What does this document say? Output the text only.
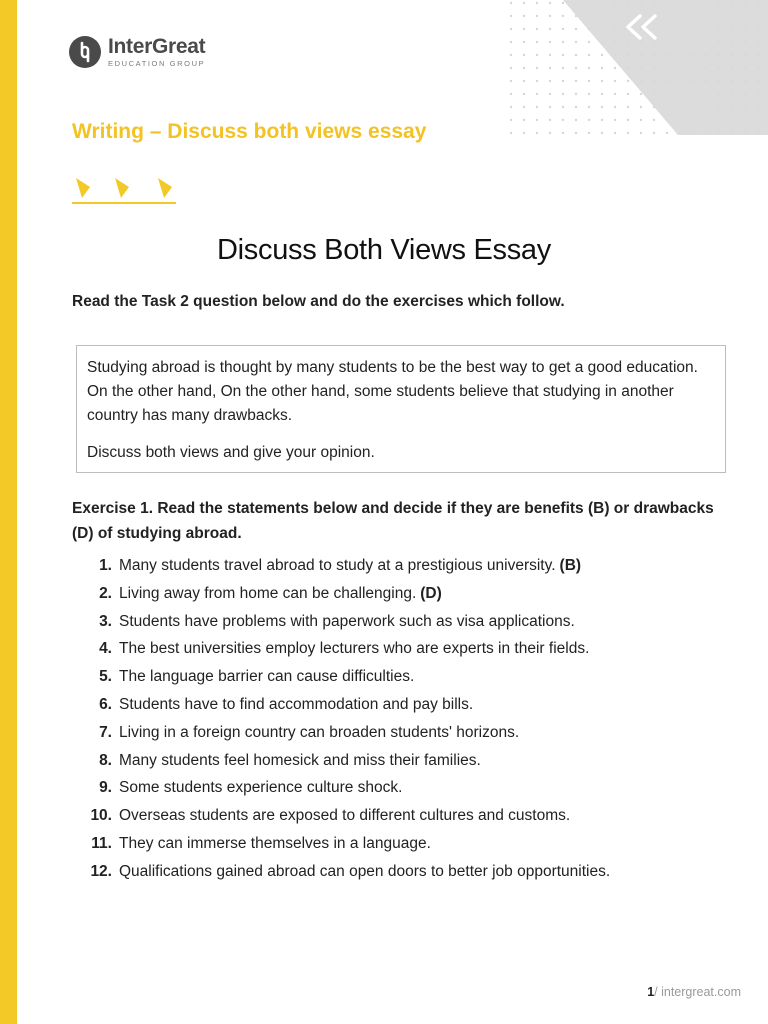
InterGreat
EDUCATION GROUP
Writing – Discuss both views essay
Discuss Both Views Essay

Read the Task 2 question below and do the exercises which follow.

Studying abroad is thought by many students to be the best way to get a good education. On the other hand, On the other hand, some students believe that studying in another country has many drawbacks.

Discuss both views and give your opinion.

Exercise 1. Read the statements below and decide if they are benefits (B) or drawbacks (D) of studying abroad.

1. Many students travel abroad to study at a prestigious university. (B)
2. Living away from home can be challenging. (D)
3. Students have problems with paperwork such as visa applications.
4. The best universities employ lecturers who are experts in their fields.
5. The language barrier can cause difficulties.
6. Students have to find accommodation and pay bills.
7. Living in a foreign country can broaden students' horizons.
8. Many students feel homesick and miss their families.
9. Some students experience culture shock.
10. Overseas students are exposed to different cultures and customs.
11. They can immerse themselves in a language.
12. Qualifications gained abroad can open doors to better job opportunities.
1/ intergreat.com
